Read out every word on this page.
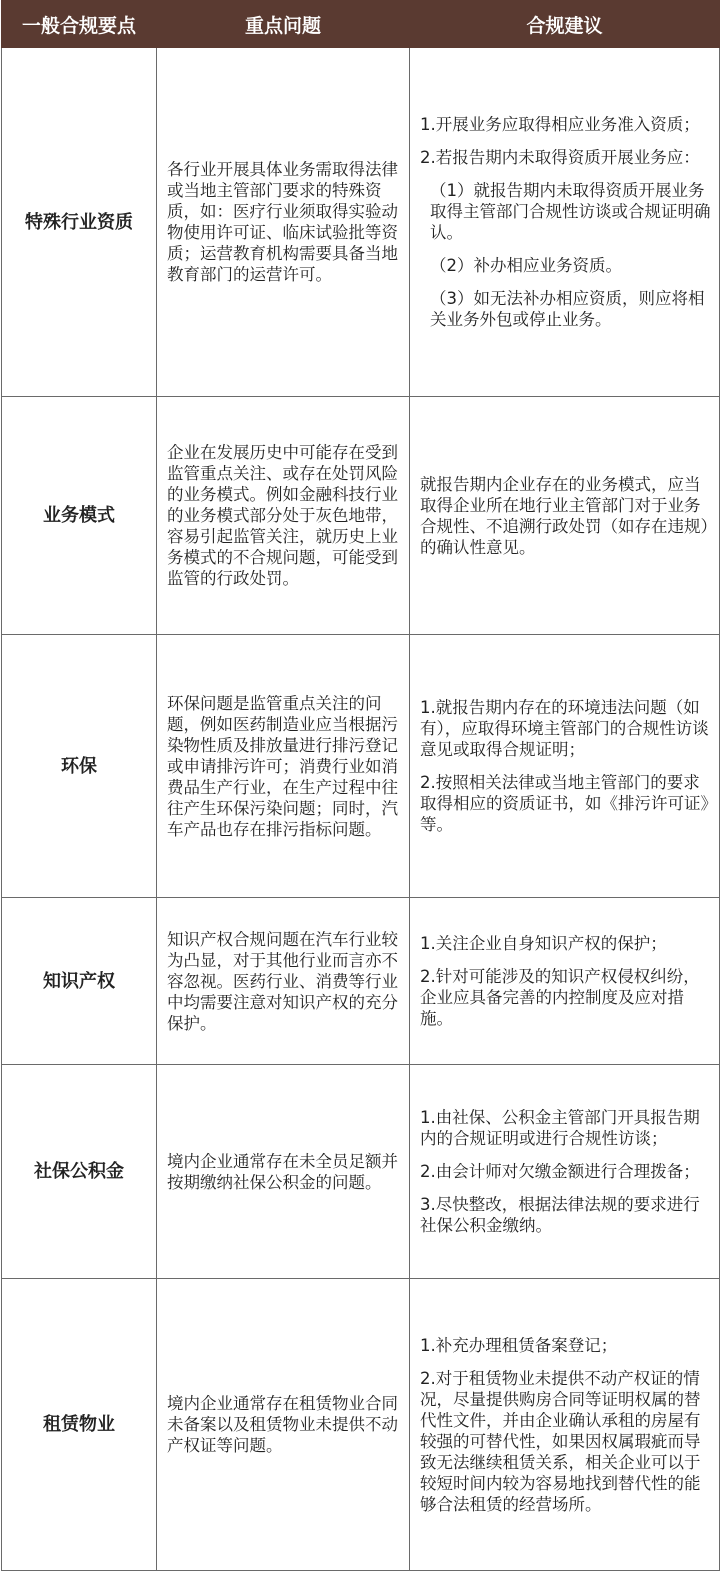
一般合规要点	重点问题	合规建议
特殊行业资质	各行业开展具体业务需取得法律或当地主管部门要求的特殊资质，如：医疗行业须取得实验动物使用许可证、临床试验批等资质；运营教育机构需要具备当地教育部门的运营许可。	1.开展业务应取得相应业务准入资质；
2.若报告期内未取得资质开展业务应：
（1）就报告期内未取得资质开展业务取得主管部门合规性访谈或合规证明确认。
（2）补办相应业务资质。
（3）如无法补办相应资质，则应将相关业务外包或停止业务。

业务模式	企业在发展历史中可能存在受到监管重点关注、或存在处罚风险的业务模式。例如金融科技行业的业务模式部分处于灰色地带，容易引起监管关注，就历史上业务模式的不合规问题，可能受到监管的行政处罚。	就报告期内企业存在的业务模式，应当取得企业所在地行业主管部门对于业务合规性、不追溯行政处罚（如存在违规）的确认性意见。

环保	环保问题是监管重点关注的问题，例如医药制造业应当根据污染物性质及排放量进行排污登记或申请排污许可；消费行业如消费品生产行业，在生产过程中往往产生环保污染问题；同时，汽车产品也存在排污指标问题。	1.就报告期内存在的环境违法问题（如有），应取得环境主管部门的合规性访谈意见或取得合规证明；
2.按照相关法律或当地主管部门的要求取得相应的资质证书，如《排污许可证》等。

知识产权	知识产权合规问题在汽车行业较为凸显，对于其他行业而言亦不容忽视。医药行业、消费等行业中均需要注意对知识产权的充分保护。	1.关注企业自身知识产权的保护；
2.针对可能涉及的知识产权侵权纠纷，企业应具备完善的内控制度及应对措施。

社保公积金	境内企业通常存在未全员足额并按期缴纳社保公积金的问题。	1.由社保、公积金主管部门开具报告期内的合规证明或进行合规性访谈；
2.由会计师对欠缴金额进行合理拨备；
3.尽快整改，根据法律法规的要求进行社保公积金缴纳。

租赁物业	境内企业通常存在租赁物业合同未备案以及租赁物业未提供不动产权证等问题。	1.补充办理租赁备案登记；
2.对于租赁物业未提供不动产权证的情况，尽量提供购房合同等证明权属的替代性文件，并由企业确认承租的房屋有较强的可替代性，如果因权属瑕疵而导致无法继续租赁关系，相关企业可以于较短时间内较为容易地找到替代性的能够合法租赁的经营场所。
